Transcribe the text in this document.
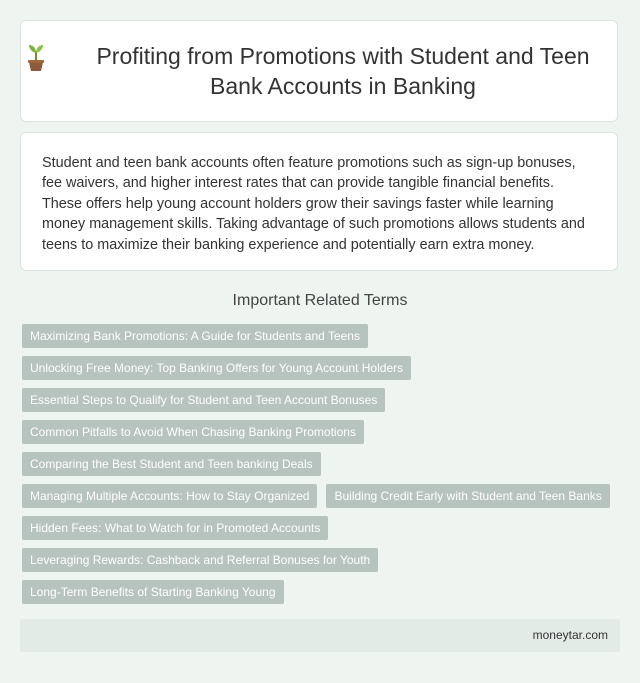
Profiting from Promotions with Student and Teen Bank Accounts in Banking

Student and teen bank accounts often feature promotions such as sign-up bonuses, fee waivers, and higher interest rates that can provide tangible financial benefits. These offers help young account holders grow their savings faster while learning money management skills. Taking advantage of such promotions allows students and teens to maximize their banking experience and potentially earn extra money.

Important Related Terms
Maximizing Bank Promotions: A Guide for Students and Teens
Unlocking Free Money: Top Banking Offers for Young Account Holders
Essential Steps to Qualify for Student and Teen Account Bonuses
Common Pitfalls to Avoid When Chasing Banking Promotions
Comparing the Best Student and Teen banking Deals
Managing Multiple Accounts: How to Stay Organized	Building Credit Early with Student and Teen Banks
Hidden Fees: What to Watch for in Promoted Accounts
Leveraging Rewards: Cashback and Referral Bonuses for Youth
Long-Term Benefits of Starting Banking Young
moneytar.com
